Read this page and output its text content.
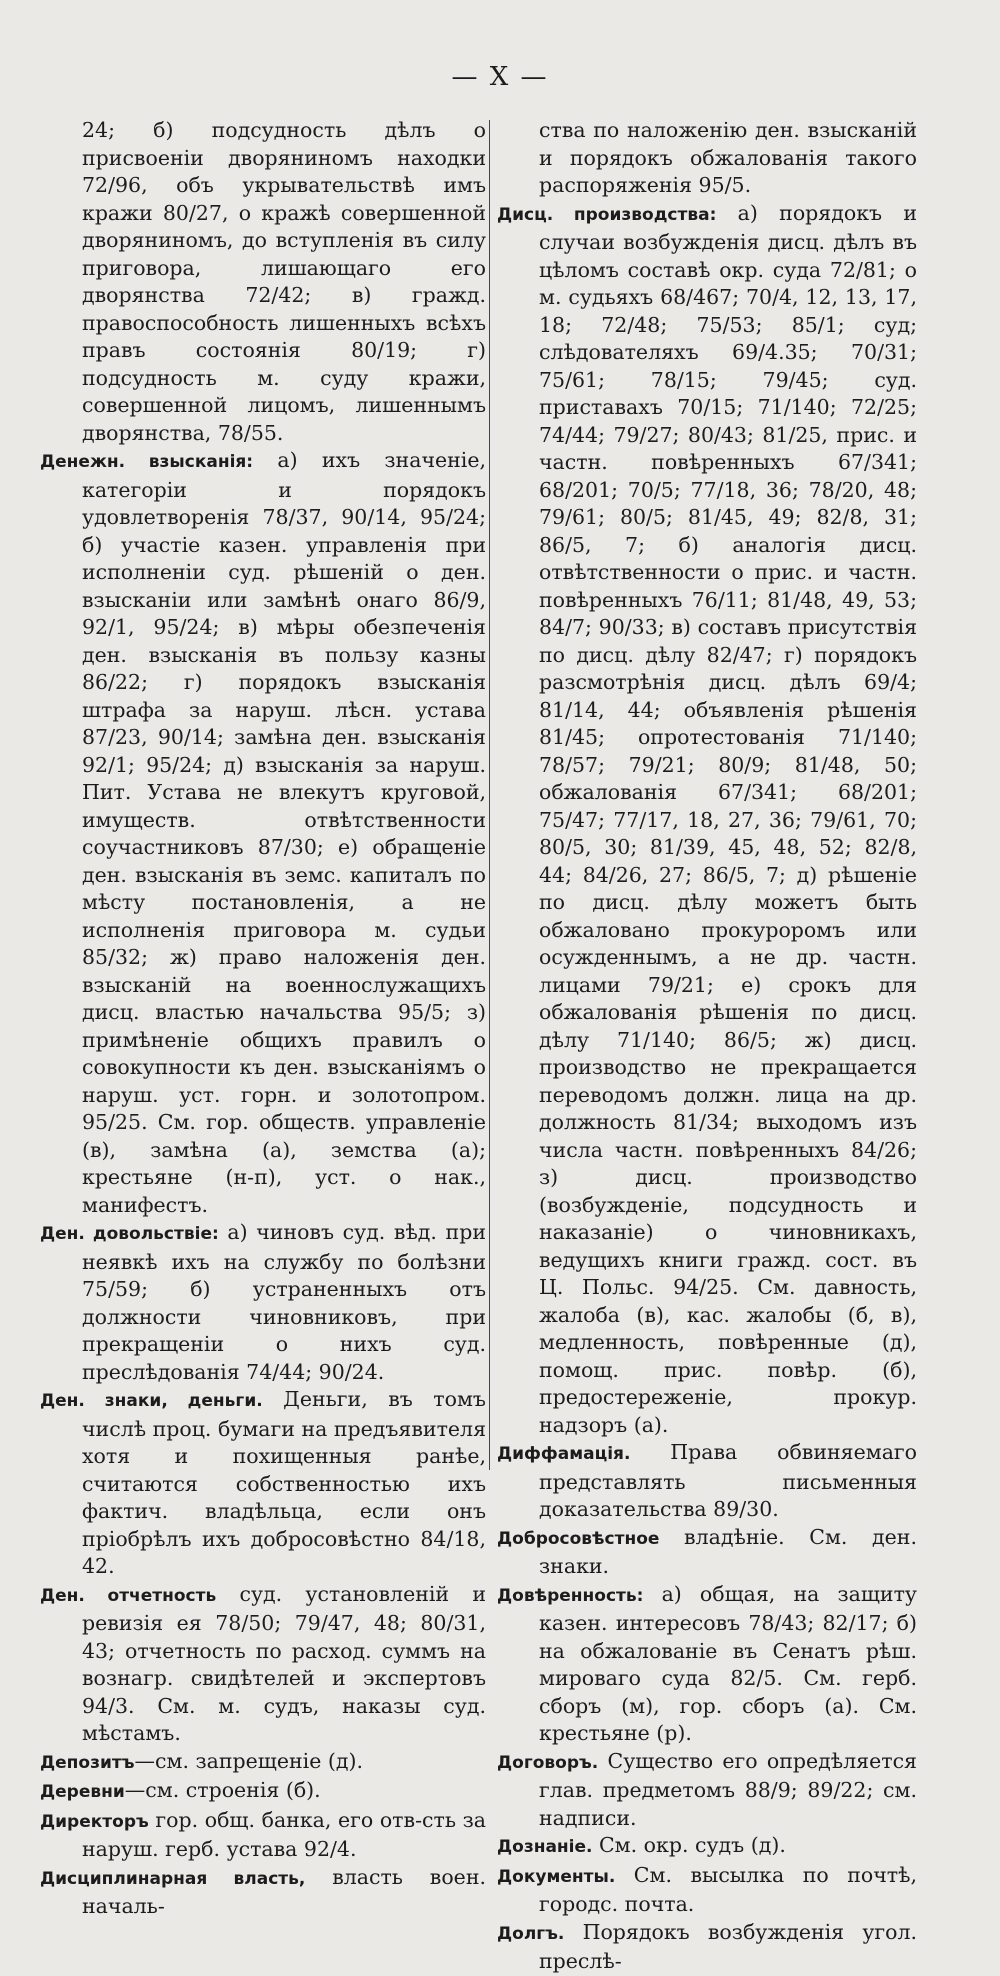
— X —

24; б) подсудность дѣлъ о присвоеніи дворяниномъ находки 72/96, объ укрывательствѣ имъ кражи 80/27, о кражѣ совершенной дворяниномъ, до вступленія въ силу приговора, лишающаго его дворянства 72/42; в) гражд. правоспособность лишенныхъ всѣхъ правъ состоянія 80/19; г) подсудность м. суду кражи, совершенной лицомъ, лишеннымъ дворянства, 78/55.

Денежн. взысканія: а) ихъ значеніе, категоріи и порядокъ удовлетворенія 78/37, 90/14, 95/24; б) участіе казен. управленія при исполненіи суд. рѣшеній о ден. взысканіи или замѣнѣ онаго 86/9, 92/1, 95/24; в) мѣры обезпеченія ден. взысканія въ пользу казны 86/22; г) порядокъ взысканія штрафа за наруш. лѣсн. устава 87/23, 90/14; замѣна ден. взысканія 92/1; 95/24; д) взысканія за наруш. Пит. Устава не влекутъ круговой, имуществ. отвѣтственности соучастниковъ 87/30; е) обращеніе ден. взысканія въ земс. капиталъ по мѣсту постановленія, а не исполненія приговора м. судьи 85/32; ж) право наложенія ден. взысканій на военнослужащихъ дисц. властью начальства 95/5; з) примѣненіе общихъ правилъ о совокупности къ ден. взысканіямъ о наруш. уст. горн. и золотопром. 95/25. См. гор. обществ. управленіе (в), замѣна (а), земства (а); крестьяне (н-п), уст. о нак., манифестъ.

Ден. довольствіе: а) чиновъ суд. вѣд. при неявкѣ ихъ на службу по болѣзни 75/59; б) устраненныхъ отъ должности чиновниковъ, при прекращеніи о нихъ суд. преслѣдованія 74/44; 90/24.

Ден. знаки, деньги. Деньги, въ томъ числѣ проц. бумаги на предъявителя хотя и похищенныя ранѣе, считаются собственностью ихъ фактич. владѣльца, если онъ пріобрѣлъ ихъ добросовѣстно 84/18, 42.

Ден. отчетность суд. установленій и ревизія ея 78/50; 79/47, 48; 80/31, 43; отчетность по расход. суммъ на вознагр. свидѣтелей и экспертовъ 94/3. См. м. судъ, наказы суд. мѣстамъ.

Депозитъ—см. запрещеніе (д).

Деревни—см. строенія (б).

Директоръ гор. общ. банка, его отв-сть за наруш. герб. устава 92/4.

Дисциплинарная власть, власть воен. началь-

ства по наложенію ден. взысканій и порядокъ обжалованія такого распоряженія 95/5.

Дисц. производства: а) порядокъ и случаи возбужденія дисц. дѣлъ въ цѣломъ составѣ окр. суда 72/81; о м. судьяхъ 68/467; 70/4, 12, 13, 17, 18; 72/48; 75/53; 85/1; суд; слѣдователяхъ 69/4.35; 70/31; 75/61; 78/15; 79/45; суд. приставахъ 70/15; 71/140; 72/25; 74/44; 79/27; 80/43; 81/25, прис. и частн. повѣренныхъ 67/341; 68/201; 70/5; 77/18, 36; 78/20, 48; 79/61; 80/5; 81/45, 49; 82/8, 31; 86/5, 7; б) аналогія дисц. отвѣтственности о прис. и частн. повѣренныхъ 76/11; 81/48, 49, 53; 84/7; 90/33; в) составъ присутствія по дисц. дѣлу 82/47; г) порядокъ разсмотрѣнія дисц. дѣлъ 69/4; 81/14, 44; объявленія рѣшенія 81/45; опротестованія 71/140; 78/57; 79/21; 80/9; 81/48, 50; обжалованія 67/341; 68/201; 75/47; 77/17, 18, 27, 36; 79/61, 70; 80/5, 30; 81/39, 45, 48, 52; 82/8, 44; 84/26, 27; 86/5, 7; д) рѣшеніе по дисц. дѣлу можетъ быть обжаловано прокуроромъ или осужденнымъ, а не др. частн. лицами 79/21; е) срокъ для обжалованія рѣшенія по дисц. дѣлу 71/140; 86/5; ж) дисц. производство не прекращается переводомъ должн. лица на др. должность 81/34; выходомъ изъ числа частн. повѣренныхъ 84/26; з) дисц. производство (возбужденіе, подсудность и наказаніе) о чиновникахъ, ведущихъ книги гражд. сост. въ Ц. Польс. 94/25. См. давность, жалоба (в), кас. жалобы (б, в), медленность, повѣренные (д), помощ. прис. повѣр. (б), предостереженіе, прокур. надзоръ (а).

Диффамація. Права обвиняемаго представлять письменныя доказательства 89/30.

Добросовѣстное владѣніе. См. ден. знаки.

Довѣренность: а) общая, на защиту казен. интересовъ 78/43; 82/17; б) на обжалованіе въ Сенатъ рѣш. мироваго суда 82/5. См. герб. сборъ (м), гор. сборъ (а). См. крестьяне (р).

Договоръ. Существо его опредѣляется глав. предметомъ 88/9; 89/22; см. надписи.

Дознаніе. См. окр. судъ (д).

Документы. См. высылка по почтѣ, городс. почта.

Долгъ. Порядокъ возбужденія угол. преслѣ-
